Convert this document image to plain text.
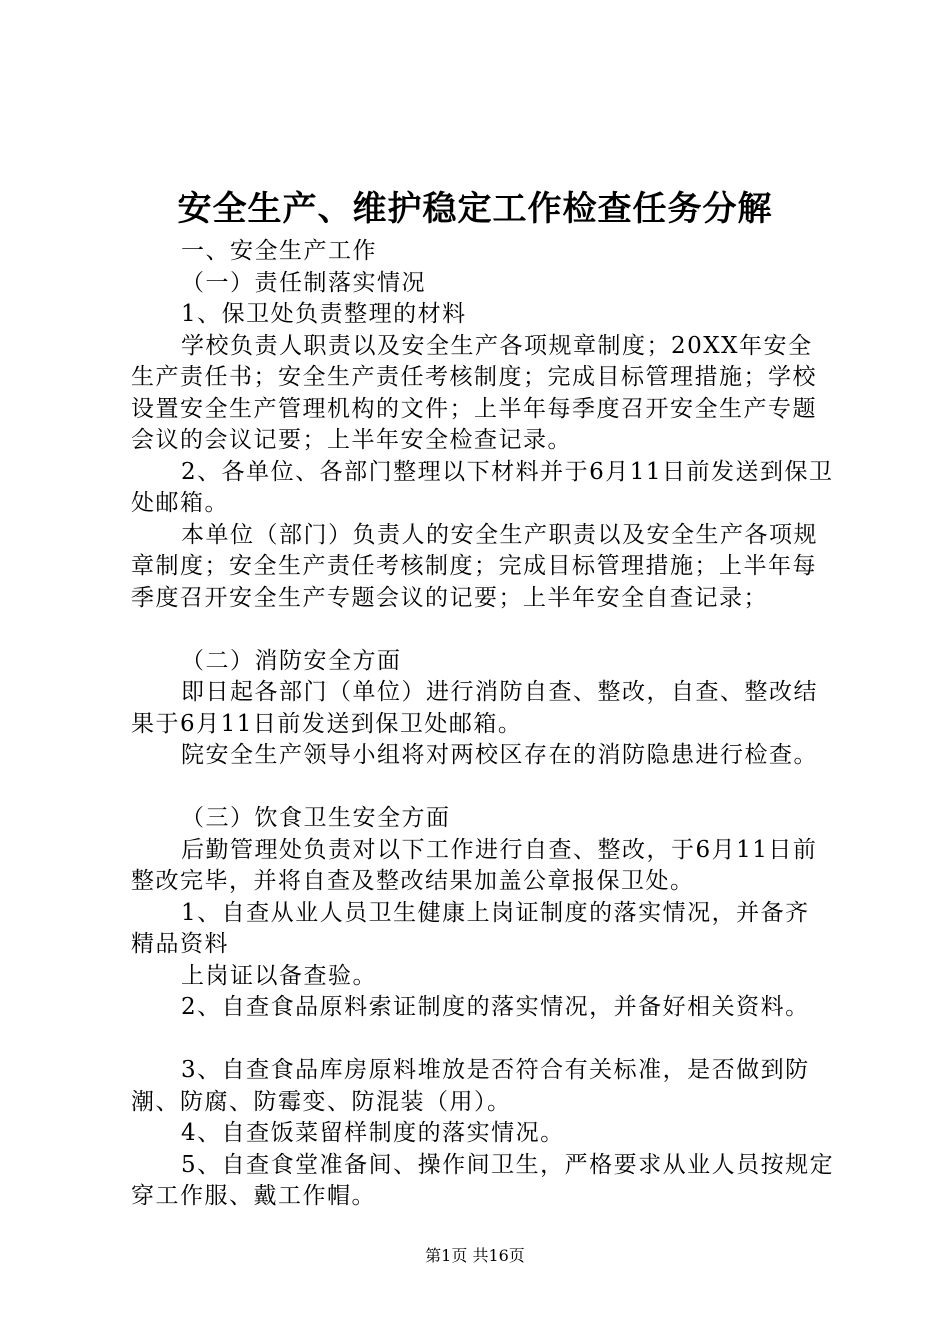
安全生产、维护稳定工作检查任务分解

一、安全生产工作

（一）责任制落实情况

1、保卫处负责整理的材料

学校负责人职责以及安全生产各项规章制度；20XX年安全生产责任书；安全生产责任考核制度；完成目标管理措施；学校设置安全生产管理机构的文件；上半年每季度召开安全生产专题会议的会议记要；上半年安全检查记录。

2、各单位、各部门整理以下材料并于6月11日前发送到保卫处邮箱。

本单位（部门）负责人的安全生产职责以及安全生产各项规章制度；安全生产责任考核制度；完成目标管理措施；上半年每季度召开安全生产专题会议的记要；上半年安全自查记录；

（二）消防安全方面

即日起各部门（单位）进行消防自查、整改，自查、整改结果于6月11日前发送到保卫处邮箱。

院安全生产领导小组将对两校区存在的消防隐患进行检查。

（三）饮食卫生安全方面

后勤管理处负责对以下工作进行自查、整改，于6月11日前整改完毕，并将自查及整改结果加盖公章报保卫处。

1、自查从业人员卫生健康上岗证制度的落实情况，并备齐

精品资料

上岗证以备查验。

2、自查食品原料索证制度的落实情况，并备好相关资料。

3、自查食品库房原料堆放是否符合有关标准，是否做到防潮、防腐、防霉变、防混装（用）。

4、自查饭菜留样制度的落实情况。

5、自查食堂准备间、操作间卫生，严格要求从业人员按规定穿工作服、戴工作帽。

第1页 共16页
